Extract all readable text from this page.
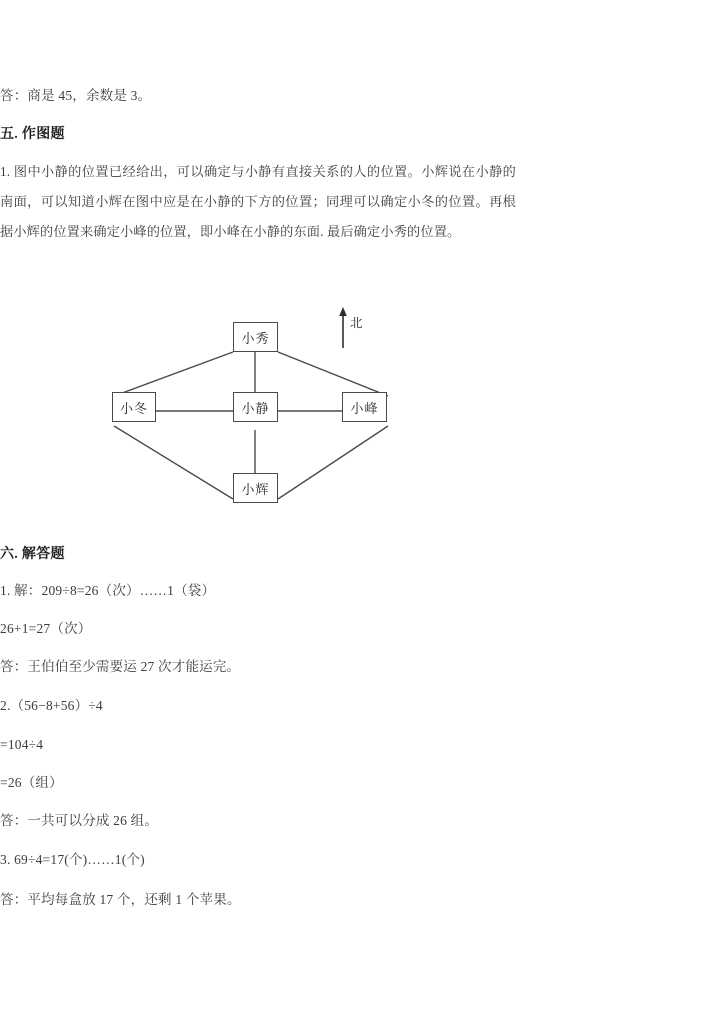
答：商是 45，余数是 3。
五. 作图题
1. 图中小静的位置已经给出，可以确定与小静有直接关系的人的位置。小辉说在小静的南面，可以知道小辉在图中应是在小静的下方的位置；同理可以确定小冬的位置。再根据小辉的位置来确定小峰的位置，即小峰在小静的东面. 最后确定小秀的位置。
小秀
小冬	小静	小峰
小辉
北
六. 解答题
1. 解：209÷8=26（次）……1（袋）
26+1=27（次）
答：王伯伯至少需要运 27 次才能运完。
2.（56−8+56）÷4
=104÷4
=26（组）
答：一共可以分成 26 组。
3. 69÷4=17(个)……1(个)
答：平均每盒放 17 个，还剩 1 个苹果。
